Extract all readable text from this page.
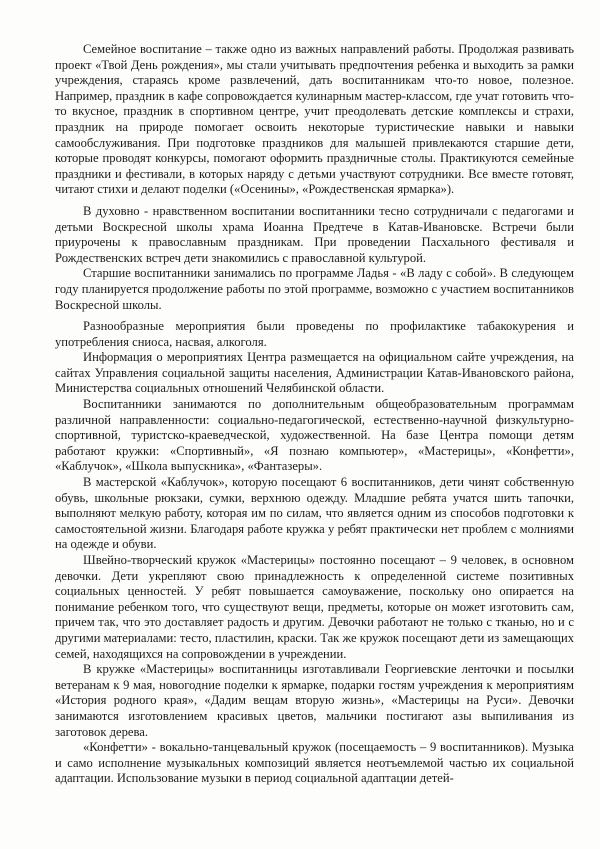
Семейное воспитание – также одно из важных направлений работы. Продолжая развивать проект «Твой День рождения», мы стали учитывать предпочтения ребенка и выходить за рамки учреждения, стараясь кроме развлечений, дать воспитанникам что-то новое, полезное. Например, праздник в кафе сопровождается кулинарным мастер-классом, где учат готовить что-то вкусное, праздник в спортивном центре, учит преодолевать детские комплексы и страхи, праздник на природе помогает освоить некоторые туристические навыки и навыки самообслуживания. При подготовке праздников для малышей привлекаются старшие дети, которые проводят конкурсы, помогают оформить праздничные столы. Практикуются семейные праздники и фестивали, в которых наряду с детьми участвуют сотрудники. Все вместе готовят, читают стихи и делают поделки («Осенины», «Рождественская ярмарка»).

В духовно - нравственном воспитании воспитанники тесно сотрудничали с педагогами и детьми Воскресной школы храма Иоанна Предтече в Катав-Ивановске. Встречи были приурочены к православным праздникам. При проведении Пасхального фестиваля и Рождественских встреч дети знакомились с православной культурой.

Старшие воспитанники занимались по программе Ладья - «В ладу с собой». В следующем году планируется продолжение работы по этой программе, возможно с участием воспитанников Воскресной школы.

Разнообразные мероприятия были проведены по профилактике табакокурения и употребления сниоса, насвая, алкоголя.

Информация о мероприятиях Центра размещается на официальном сайте учреждения, на сайтах Управления социальной защиты населения, Администрации Катав-Ивановского района, Министерства социальных отношений Челябинской области.

Воспитанники занимаются по дополнительным общеобразовательным программам различной направленности: социально-педагогической, естественно-научной физкультурно-спортивной, туристско-краеведческой, художественной. На базе Центра помощи детям работают кружки: «Спортивный», «Я познаю компьютер», «Мастерицы», «Конфетти», «Каблучок», «Школа выпускника», «Фантазеры».

В мастерской «Каблучок», которую посещают 6 воспитанников, дети чинят собственную обувь, школьные рюкзаки, сумки, верхнюю одежду. Младшие ребята учатся шить тапочки, выполняют мелкую работу, которая им по силам, что является одним из способов подготовки к самостоятельной жизни. Благодаря работе кружка у ребят практически нет проблем с молниями на одежде и обуви.

Швейно-творческий кружок «Мастерицы» постоянно посещают – 9 человек, в основном девочки. Дети укрепляют свою принадлежность к определенной системе позитивных социальных ценностей. У ребят повышается самоуважение, поскольку оно опирается на понимание ребенком того, что существуют вещи, предметы, которые он может изготовить сам, причем так, что это доставляет радость и другим. Девочки работают не только с тканью, но и с другими материалами: тесто, пластилин, краски. Так же кружок посещают дети из замещающих семей, находящихся на сопровождении в учреждении.

В кружке «Мастерицы» воспитанницы изготавливали Георгиевские ленточки и посылки ветеранам к 9 мая, новогодние поделки к ярмарке, подарки гостям учреждения к мероприятиям «История родного края», «Дадим вещам вторую жизнь», «Мастерицы на Руси». Девочки занимаются изготовлением красивых цветов, мальчики постигают азы выпиливания из заготовок дерева.

«Конфетти» - вокально-танцевальный кружок (посещаемость – 9 воспитанников). Музыка и само исполнение музыкальных композиций является неотъемлемой частью их социальной адаптации. Использование музыки в период социальной адаптации детей-
